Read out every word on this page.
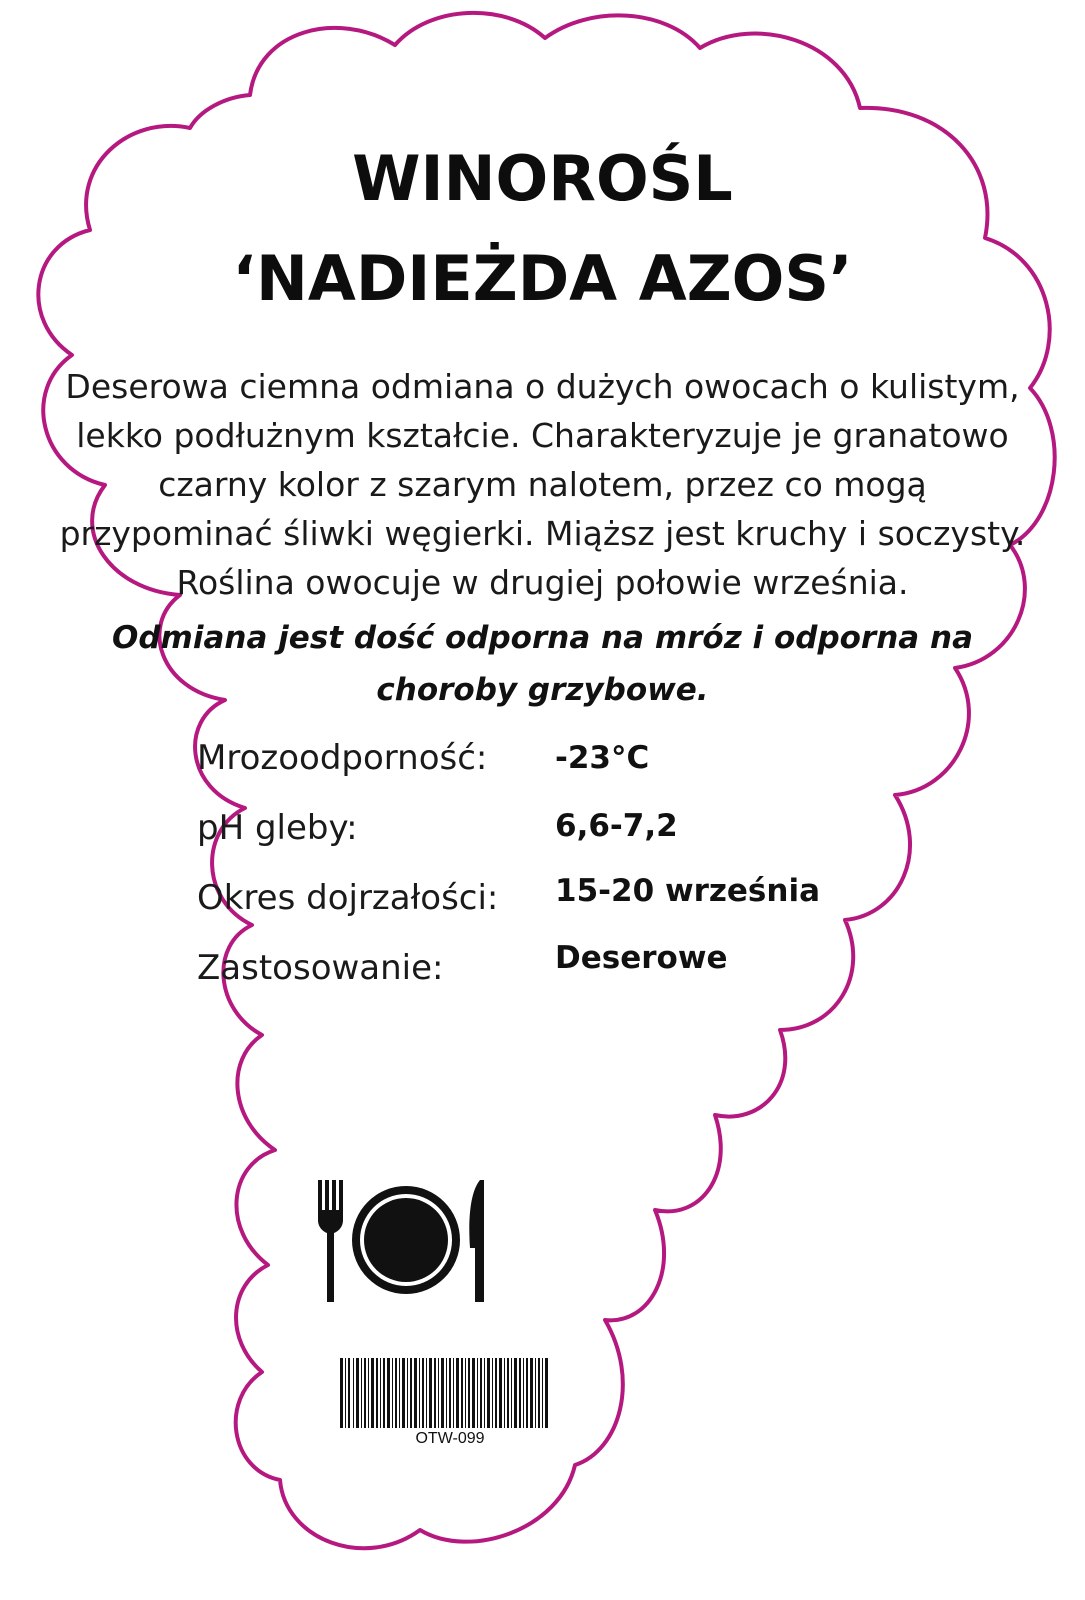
WINOROŚL
‘NADIEŻDA AZOS’

Deserowa ciemna odmiana o dużych owocach o kulistym, lekko podłużnym kształcie. Charakteryzuje je granatowo czarny kolor z szarym nalotem, przez co mogą przypominać śliwki węgierki. Miąższ jest kruchy i soczysty. Roślina owocuje w drugiej połowie września.

Odmiana jest dość odporna na mróz i odporna na choroby grzybowe.

Mrozoodporność: -23°C
pH gleby:	6,6-7,2
Okres dojrzałości: 15-20 września
Zastosowanie:	Deserowe
OTW-099
